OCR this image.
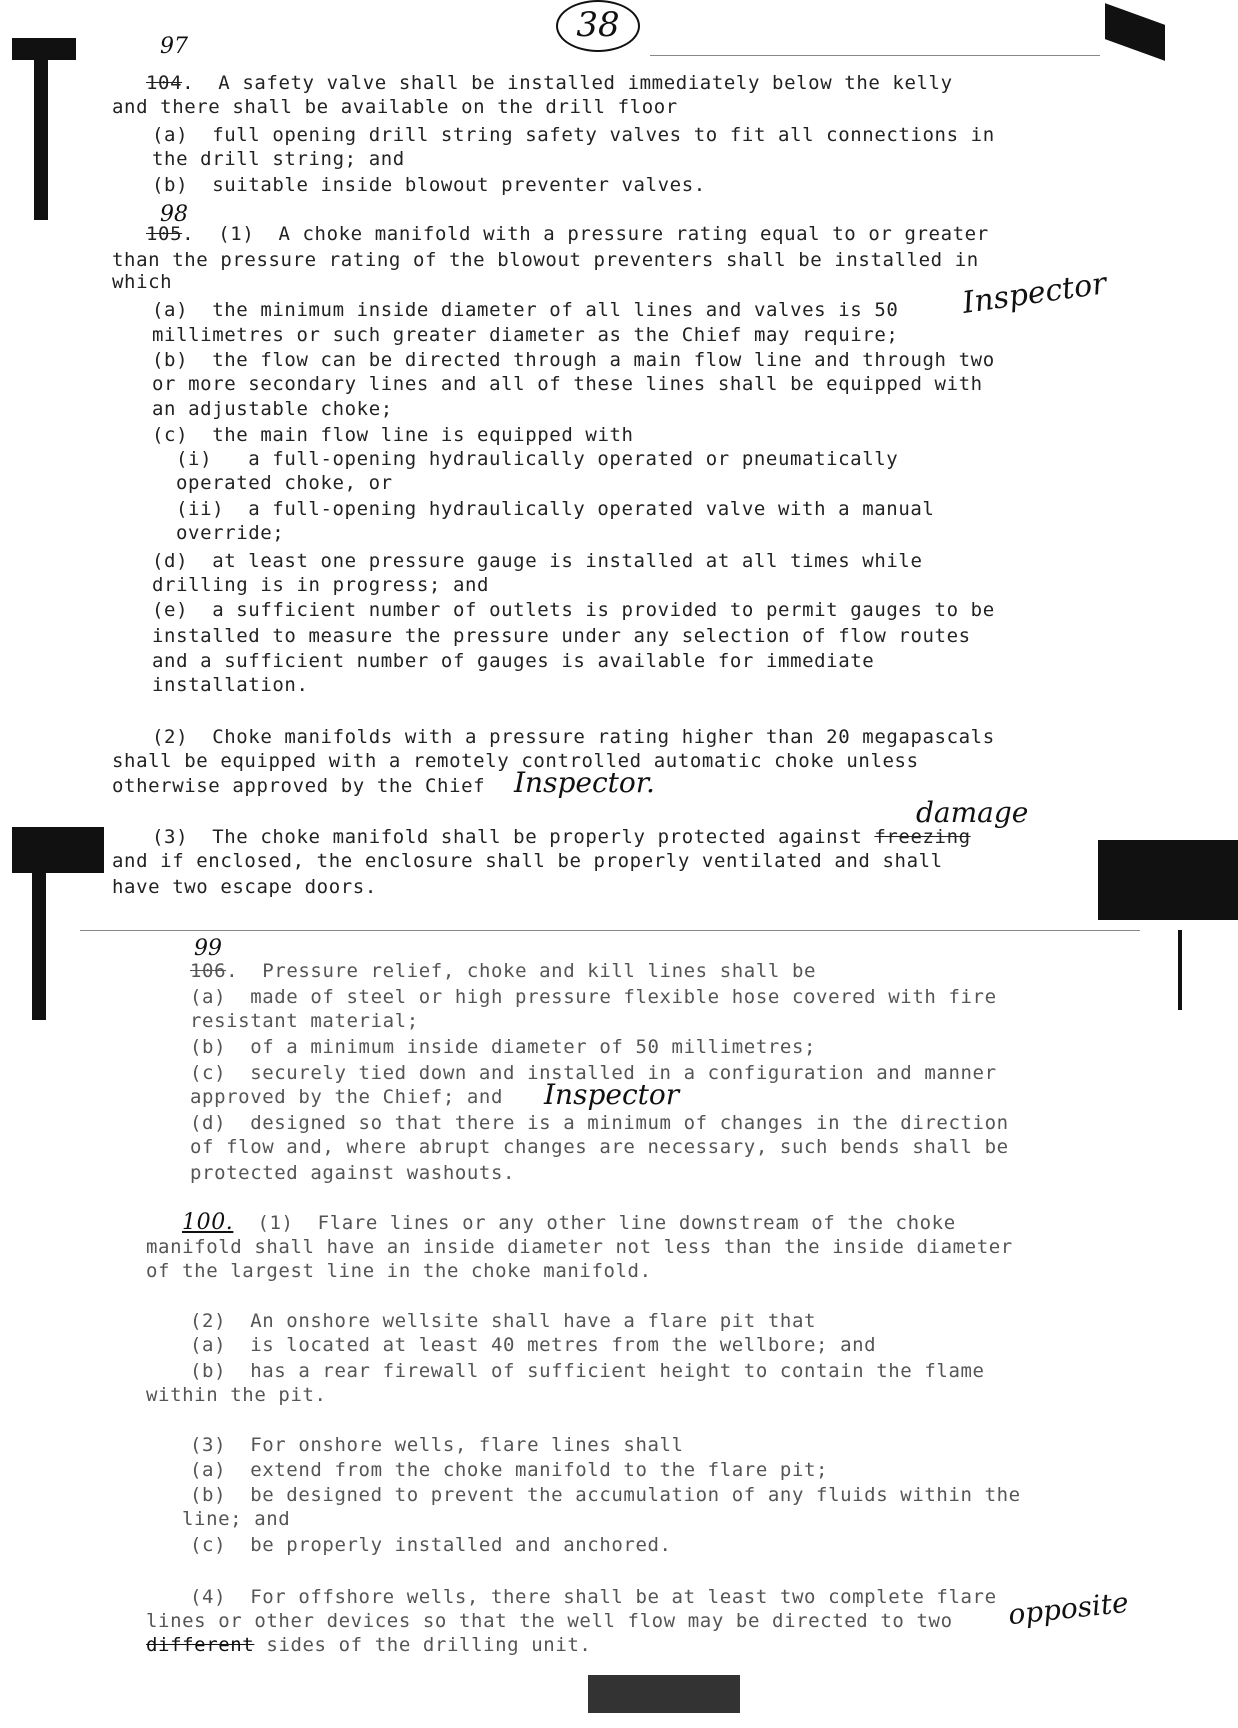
38
97
104.  A safety valve shall be installed immediately below the kelly
and there shall be available on the drill floor
(a)  full opening drill string safety valves to fit all connections in
the drill string; and
(b)  suitable inside blowout preventer valves.
98
105.  (1)  A choke manifold with a pressure rating equal to or greater
than the pressure rating of the blowout preventers shall be installed in
which
(a)  the minimum inside diameter of all lines and valves is 50 Inspector
millimetres or such greater diameter as the Chief may require;
(b)  the flow can be directed through a main flow line and through two
or more secondary lines and all of these lines shall be equipped with
an adjustable choke;
(c)  the main flow line is equipped with
(i)   a full-opening hydraulically operated or pneumatically
operated choke, or
(ii)  a full-opening hydraulically operated valve with a manual
override;
(d)  at least one pressure gauge is installed at all times while
drilling is in progress; and
(e)  a sufficient number of outlets is provided to permit gauges to be
installed to measure the pressure under any selection of flow routes
and a sufficient number of gauges is available for immediate
installation.
(2)  Choke manifolds with a pressure rating higher than 20 megapascals
shall be equipped with a remotely controlled automatic choke unless
otherwise approved by the Chief Inspector.
damage
(3)  The choke manifold shall be properly protected against freezing
and if enclosed, the enclosure shall be properly ventilated and shall
have two escape doors.
99
106.  Pressure relief, choke and kill lines shall be
(a)  made of steel or high pressure flexible hose covered with fire
resistant material;
(b)  of a minimum inside diameter of 50 millimetres;
(c)  securely tied down and installed in a configuration and manner
approved by the Chief; and Inspector
(d)  designed so that there is a minimum of changes in the direction
of flow and, where abrupt changes are necessary, such bends shall be
protected against washouts.
100. (1)  Flare lines or any other line downstream of the choke
manifold shall have an inside diameter not less than the inside diameter
of the largest line in the choke manifold.
(2)  An onshore wellsite shall have a flare pit that
(a)  is located at least 40 metres from the wellbore; and
(b)  has a rear firewall of sufficient height to contain the flame
within the pit.
(3)  For onshore wells, flare lines shall
(a)  extend from the choke manifold to the flare pit;
(b)  be designed to prevent the accumulation of any fluids within the
line; and
(c)  be properly installed and anchored.
(4)  For offshore wells, there shall be at least two complete flare
lines or other devices so that the well flow may be directed to two opposite
different sides of the drilling unit.
